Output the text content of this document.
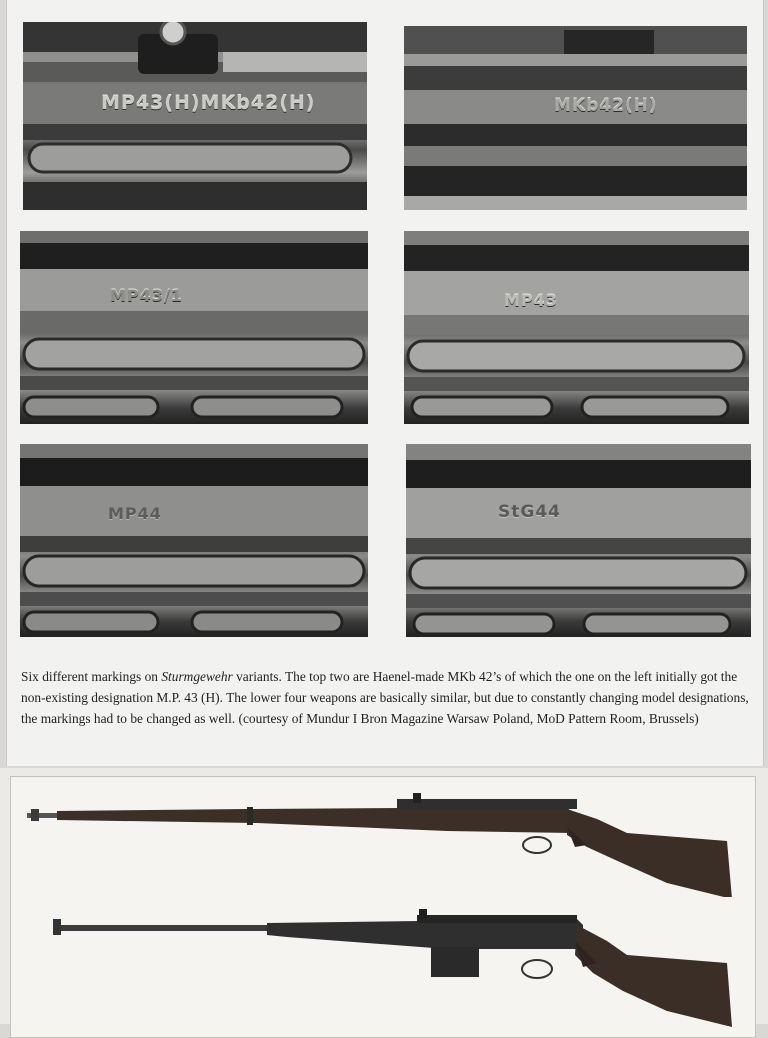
MP43(H)MKb42(H)	MKb42(H)
MP43/1	MP43
MP44	StG44

Six different markings on Sturmgewehr variants. The top two are Haenel-made MKb 42’s of which the one on the left initially got the non-existing designation M.P. 43 (H). The lower four weapons are basically similar, but due to constantly changing model designations, the markings had to be changed as well. (courtesy of Mundur I Bron Magazine Warsaw Poland, MoD Pattern Room, Brussels)
